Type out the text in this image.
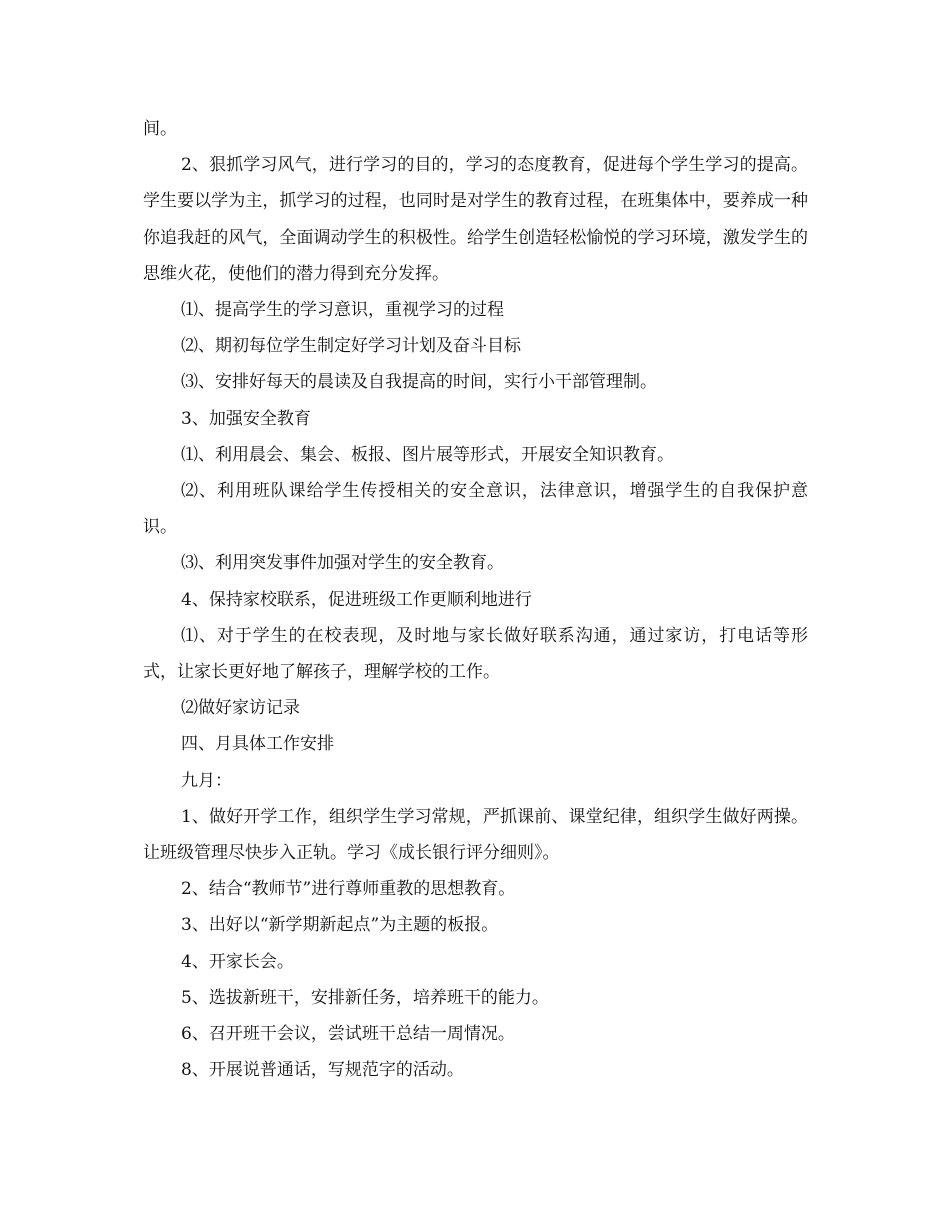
间。

2、狠抓学习风气，进行学习的目的，学习的态度教育，促进每个学生学习的提高。学生要以学为主，抓学习的过程，也同时是对学生的教育过程，在班集体中，要养成一种你追我赶的风气，全面调动学生的积极性。给学生创造轻松愉悦的学习环境，激发学生的思维火花，使他们的潜力得到充分发挥。

⑴、提高学生的学习意识，重视学习的过程

⑵、期初每位学生制定好学习计划及奋斗目标

⑶、安排好每天的晨读及自我提高的时间，实行小干部管理制。

3、加强安全教育

⑴、利用晨会、集会、板报、图片展等形式，开展安全知识教育。

⑵、利用班队课给学生传授相关的安全意识，法律意识，增强学生的自我保护意识。

⑶、利用突发事件加强对学生的安全教育。

4、保持家校联系，促进班级工作更顺利地进行

⑴、对于学生的在校表现，及时地与家长做好联系沟通，通过家访，打电话等形式，让家长更好地了解孩子，理解学校的工作。

⑵做好家访记录

四、月具体工作安排

九月：

1、做好开学工作，组织学生学习常规，严抓课前、课堂纪律，组织学生做好两操。让班级管理尽快步入正轨。学习《成长银行评分细则》。

2、结合“教师节”进行尊师重教的思想教育。

3、出好以“新学期新起点”为主题的板报。

4、开家长会。

5、选拔新班干，安排新任务，培养班干的能力。

6、召开班干会议，尝试班干总结一周情况。

8、开展说普通话，写规范字的活动。
